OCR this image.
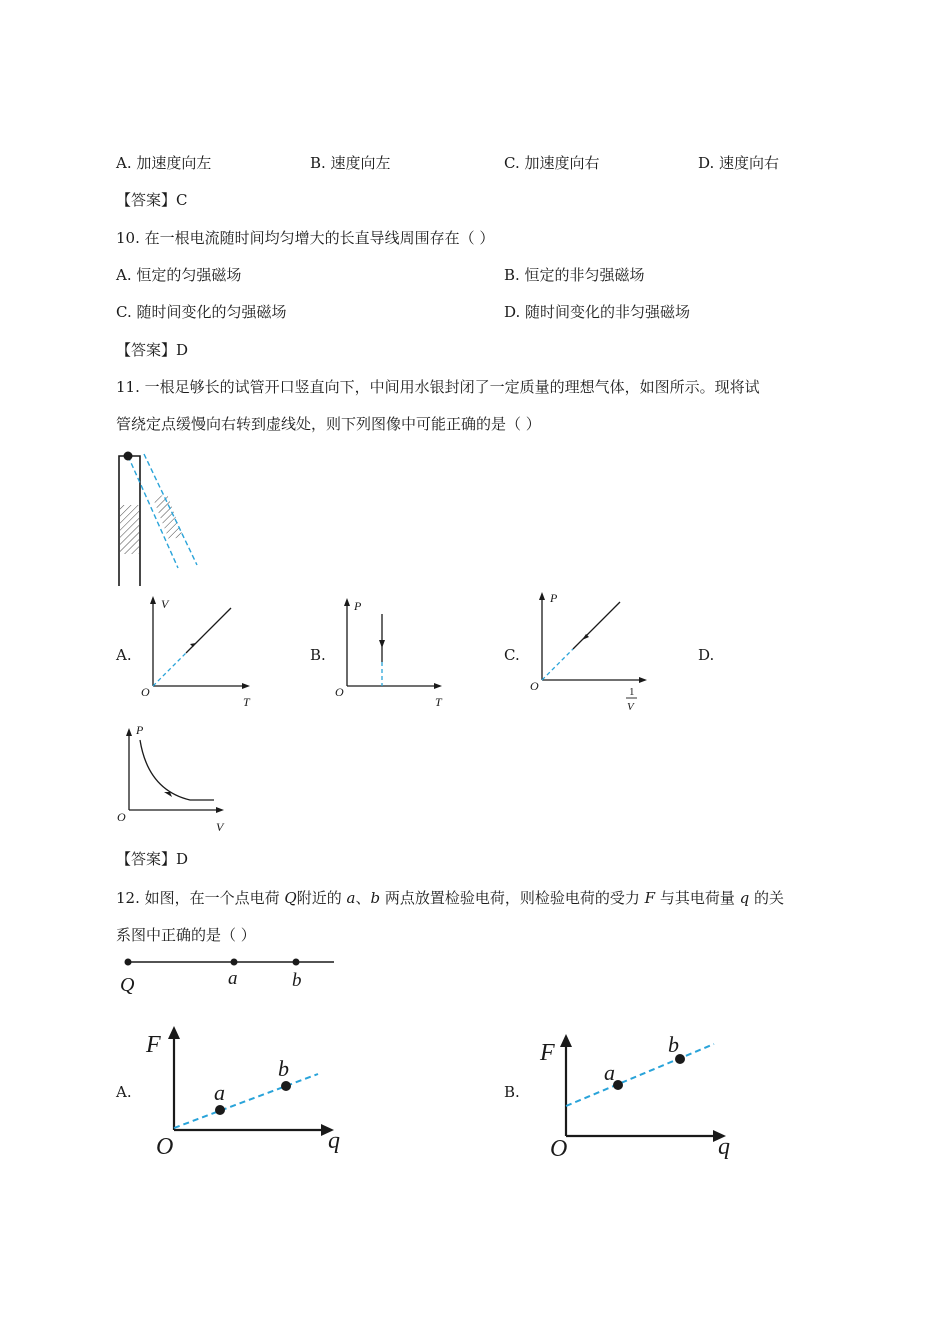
A. 加速度向左	B. 速度向左	C. 加速度向右	D. 速度向右
【答案】C
10. 在一根电流随时间均匀增大的长直导线周围存在（ ）
A. 恒定的匀强磁场	B. 恒定的非匀强磁场
C. 随时间变化的匀强磁场	D. 随时间变化的非匀强磁场
【答案】D
11. 一根足够长的试管开口竖直向下，中间用水银封闭了一定质量的理想气体，如图所示。现将试
管绕定点缓慢向右转到虚线处，则下列图像中可能正确的是（ ）
A.	B.	C.	D.
V
T
O
P
T
O
P
O	1
V
P
V
O
【答案】D
12. 如图，在一个点电荷 Q附近的 a、b 两点放置检验电荷，则检验电荷的受力 F 与其电荷量 q 的关
系图中正确的是（ ）
Q	a	b
A.	B.
F
q
O
a
b
F
q
O
a
b
